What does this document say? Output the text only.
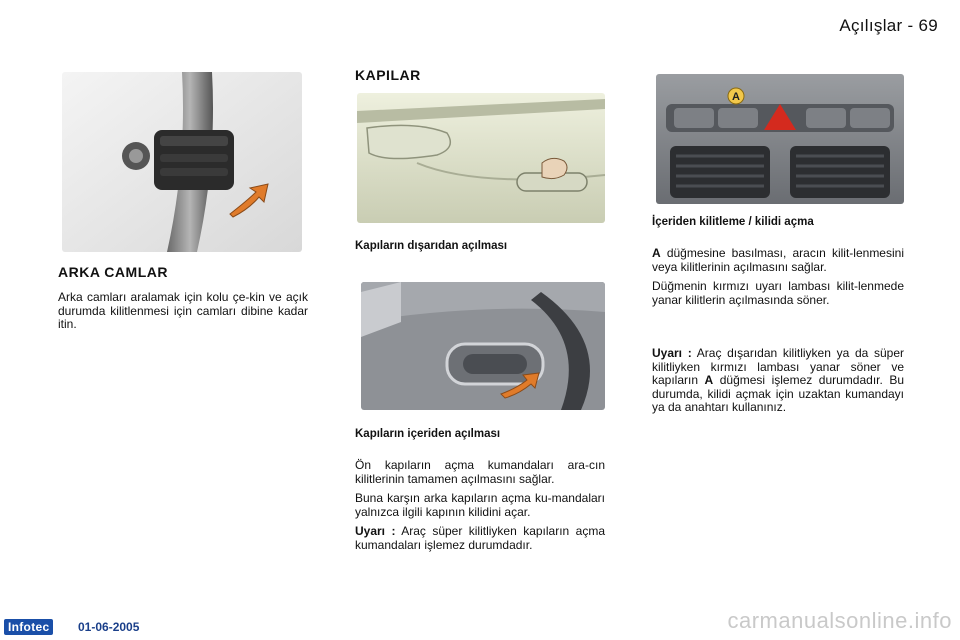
Açılışlar - 69
ARKA CAMLAR
Arka camları aralamak için kolu çe-kin ve açık durumda kilitlenmesi için camları dibine kadar itin.
KAPILAR
Kapıların dışarıdan açılması
Kapıların içeriden açılması

Ön kapıların açma kumandaları ara-cın kilitlerinin tamamen açılmasını sağlar.

Buna karşın arka kapıların açma ku-mandaları yalnızca ilgili kapının kilidini açar.

Uyarı : Araç süper kilitliyken kapıların açma kumandaları işlemez durumdadır.

A
İçeriden kilitleme / kilidi açma

A düğmesine basılması, aracın kilit-lenmesini veya kilitlerinin açılmasını sağlar.

Düğmenin kırmızı uyarı lambası kilit-lenmede yanar kilitlerin açılmasında söner.

Uyarı : Araç dışarıdan kilitliyken ya da süper kilitliyken kırmızı lambası yanar söner ve kapıların A düğmesi işlemez durumdadır. Bu durumda, kilidi açmak için uzaktan kumandayı ya da anahtarı kullanınız.

Infotec	01-06-2005	carmanualsonline.info
